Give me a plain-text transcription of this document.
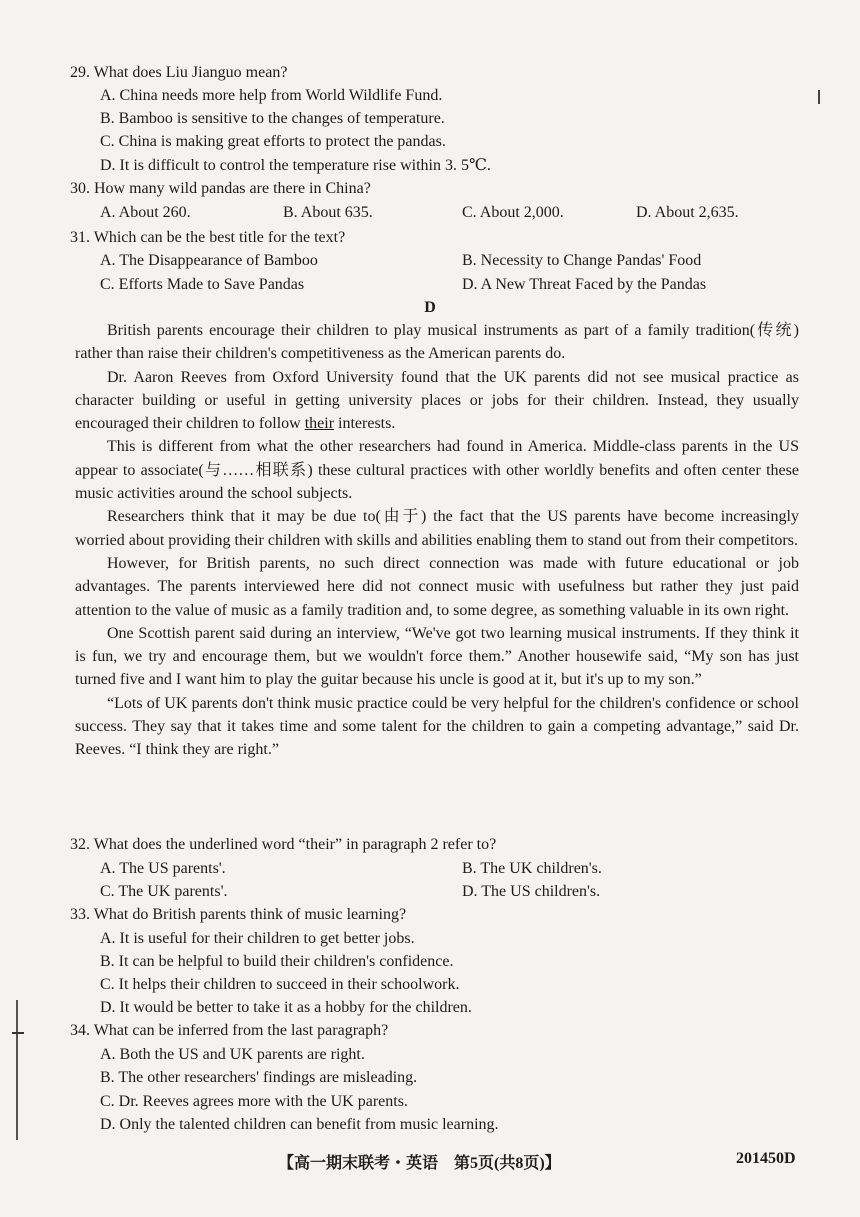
29. What does Liu Jianguo mean?
A. China needs more help from World Wildlife Fund.
B. Bamboo is sensitive to the changes of temperature.
C. China is making great efforts to protect the pandas.
D. It is difficult to control the temperature rise within 3. 5℃.
30. How many wild pandas are there in China?
A. About 260.	B. About 635.	C. About 2,000.	D. About 2,635.
31. Which can be the best title for the text?
A. The Disappearance of Bamboo	B. Necessity to Change Pandas' Food
C. Efforts Made to Save Pandas	D. A New Threat Faced by the Pandas
D

British parents encourage their children to play musical instruments as part of a family tradition(传统) rather than raise their children's competitiveness as the American parents do.

Dr. Aaron Reeves from Oxford University found that the UK parents did not see musical practice as character building or useful in getting university places or jobs for their children. Instead, they usually encouraged their children to follow their interests.

This is different from what the other researchers had found in America. Middle-class parents in the US appear to associate(与……相联系) these cultural practices with other worldly benefits and often center these music activities around the school subjects.

Researchers think that it may be due to(由于) the fact that the US parents have become increasingly worried about providing their children with skills and abilities enabling them to stand out from their competitors.

However, for British parents, no such direct connection was made with future educational or job advantages. The parents interviewed here did not connect music with usefulness but rather they just paid attention to the value of music as a family tradition and, to some degree, as something valuable in its own right.

One Scottish parent said during an interview, “We've got two learning musical instruments. If they think it is fun, we try and encourage them, but we wouldn't force them.” Another housewife said, “My son has just turned five and I want him to play the guitar because his uncle is good at it, but it's up to my son.”

“Lots of UK parents don't think music practice could be very helpful for the children's confidence or school success. They say that it takes time and some talent for the children to gain a competing advantage,” said Dr. Reeves. “I think they are right.”

32. What does the underlined word “their” in paragraph 2 refer to?
A. The US parents'.	B. The UK children's.
C. The UK parents'.	D. The US children's.
33. What do British parents think of music learning?
A. It is useful for their children to get better jobs.
B. It can be helpful to build their children's confidence.
C. It helps their children to succeed in their schoolwork.
D. It would be better to take it as a hobby for the children.
34. What can be inferred from the last paragraph?
A. Both the US and UK parents are right.
B. The other researchers' findings are misleading.
C. Dr. Reeves agrees more with the UK parents.
D. Only the talented children can benefit from music learning.
【高一期末联考・英语　第5页(共8页)】	201450D
